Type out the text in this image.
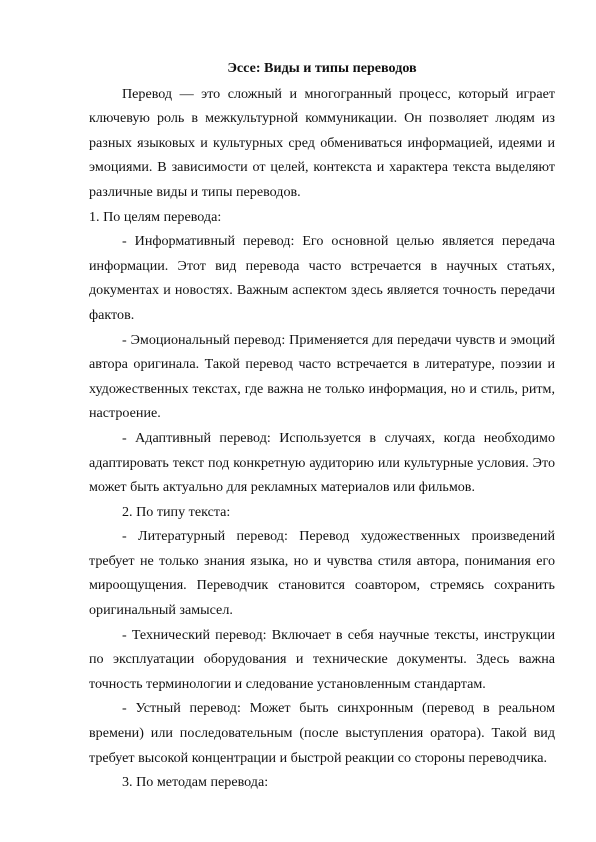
Эссе: Виды и типы переводов

Перевод — это сложный и многогранный процесс, который играет ключевую роль в межкультурной коммуникации. Он позволяет людям из разных языковых и культурных сред обмениваться информацией, идеями и эмоциями. В зависимости от целей, контекста и характера текста выделяют различные виды и типы переводов.

1. По целям перевода:

- Информативный перевод: Его основной целью является передача информации. Этот вид перевода часто встречается в научных статьях, документах и новостях. Важным аспектом здесь является точность передачи фактов.

- Эмоциональный перевод: Применяется для передачи чувств и эмоций автора оригинала. Такой перевод часто встречается в литературе, поэзии и художественных текстах, где важна не только информация, но и стиль, ритм, настроение.

- Адаптивный перевод: Используется в случаях, когда необходимо адаптировать текст под конкретную аудиторию или культурные условия. Это может быть актуально для рекламных материалов или фильмов.

2. По типу текста:

- Литературный перевод: Перевод художественных произведений требует не только знания языка, но и чувства стиля автора, понимания его мироощущения. Переводчик становится соавтором, стремясь сохранить оригинальный замысел.

- Технический перевод: Включает в себя научные тексты, инструкции по эксплуатации оборудования и технические документы. Здесь важна точность терминологии и следование установленным стандартам.

- Устный перевод: Может быть синхронным (перевод в реальном времени) или последовательным (после выступления оратора). Такой вид требует высокой концентрации и быстрой реакции со стороны переводчика.

3. По методам перевода:
